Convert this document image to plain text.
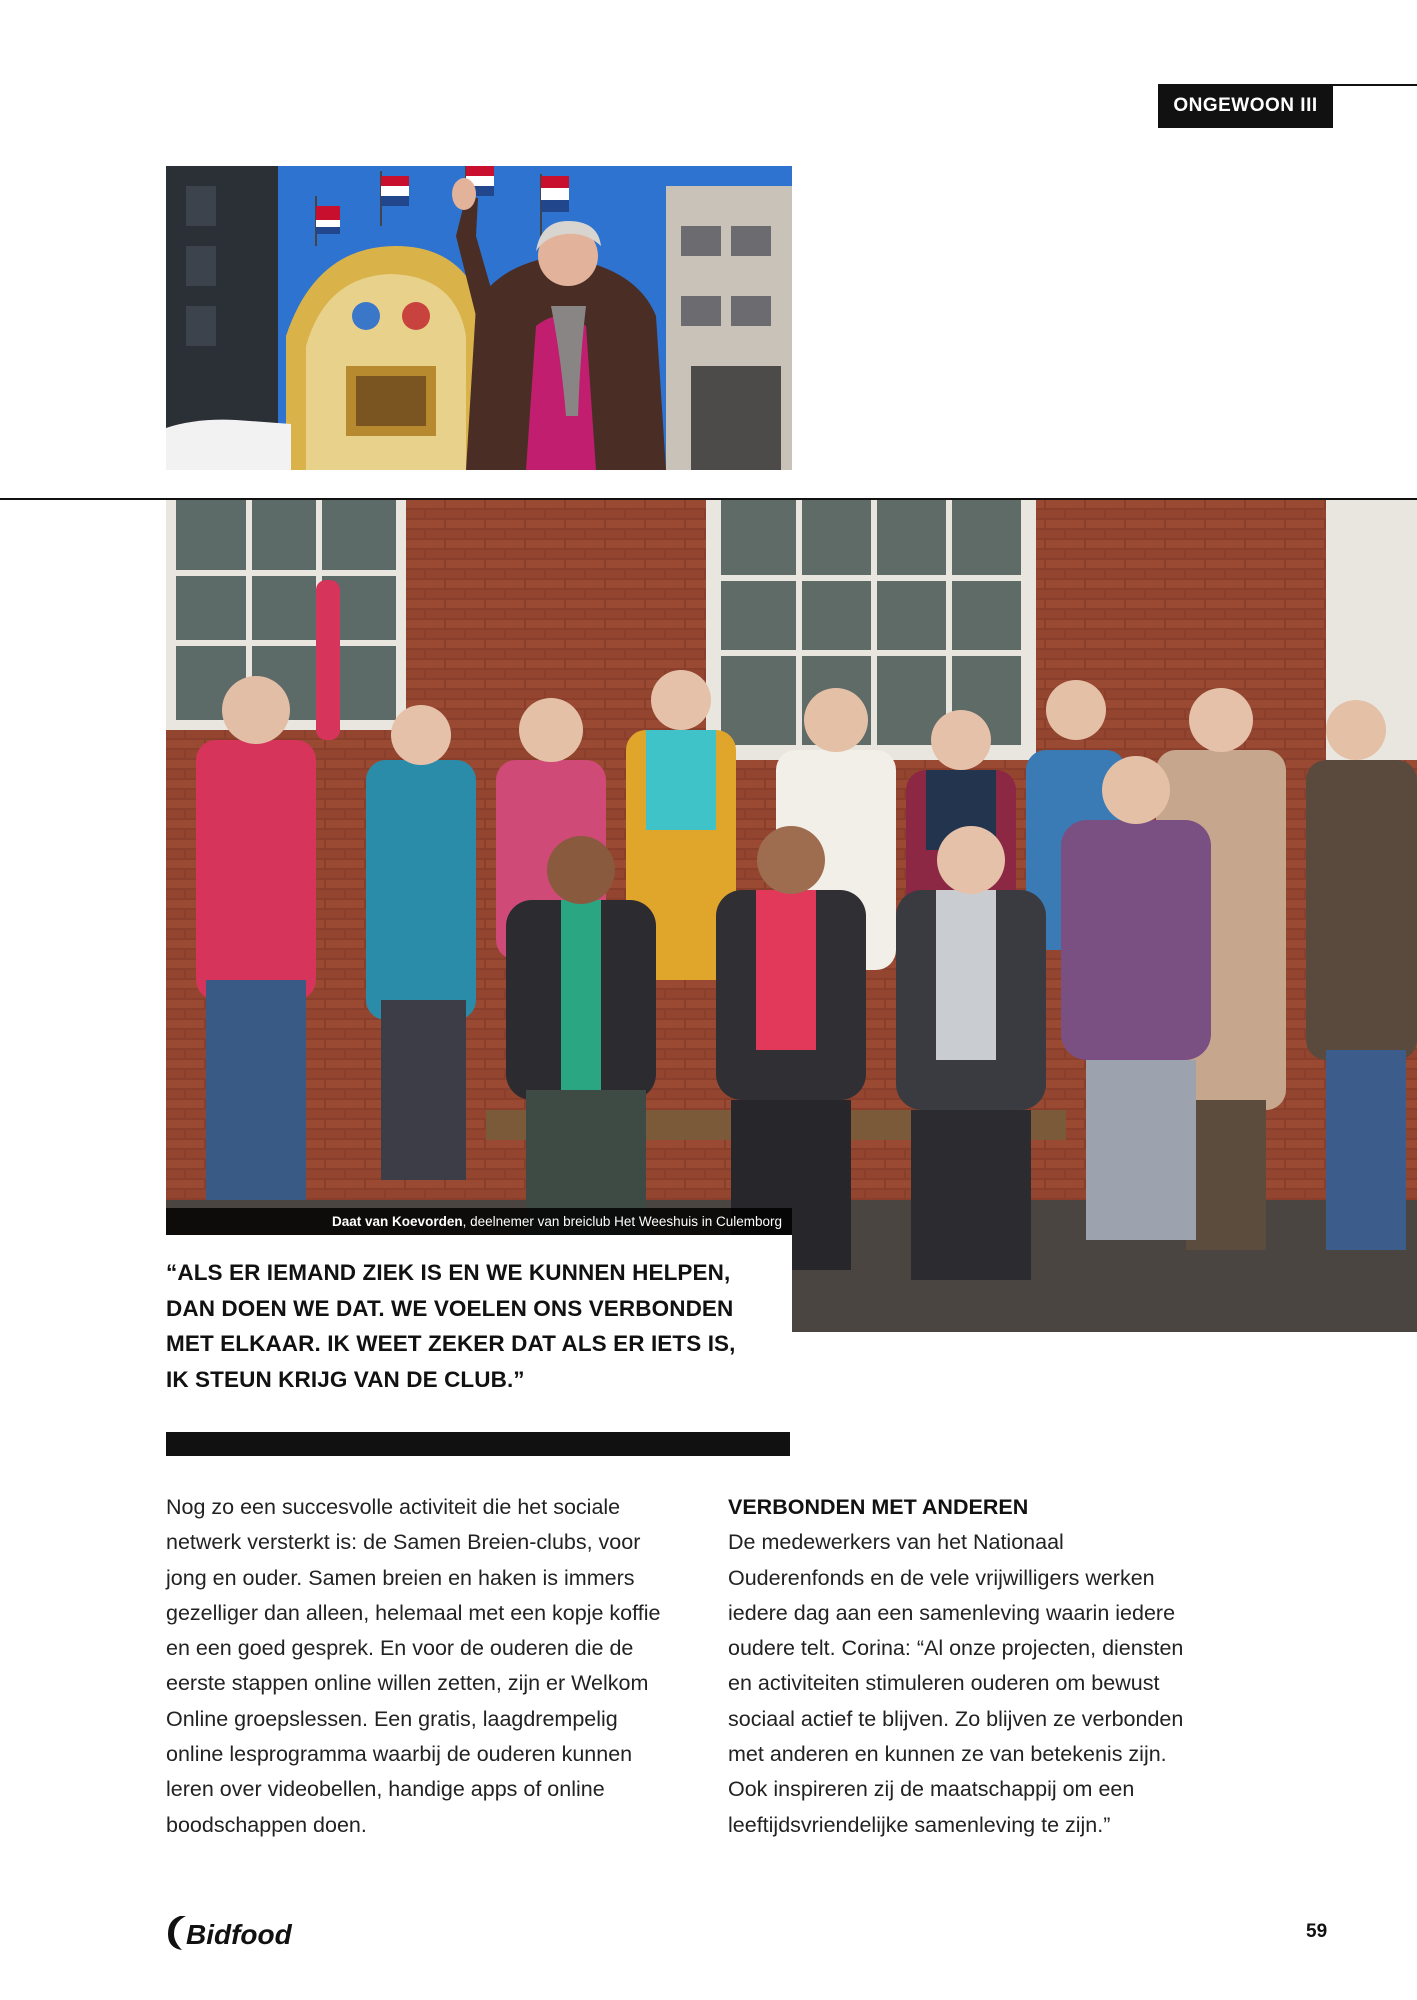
ONGEWOON III
Daat van Koevorden , deelnemer van breiclub Het Weeshuis in Culemborg
“ALS ER IEMAND ZIEK IS EN WE KUNNEN HELPEN,
DAN DOEN WE DAT. WE VOELEN ONS VERBONDEN
MET ELKAAR. IK WEET ZEKER DAT ALS ER IETS IS,
IK STEUN KRIJG VAN DE CLUB.”

Nog zo een succesvolle activiteit die het sociale

netwerk versterkt is: de Samen Breien-clubs, voor

jong en ouder. Samen breien en haken is immers

gezelliger dan alleen, helemaal met een kopje koffie

en een goed gesprek. En voor de ouderen die de

eerste stappen online willen zetten, zijn er Welkom

Online groepslessen. Een gratis, laagdrempelig

online lesprogramma waarbij de ouderen kunnen

leren over videobellen, handige apps of online

boodschappen doen.

VERBONDEN MET ANDEREN

De medewerkers van het Nationaal

Ouderenfonds en de vele vrijwilligers werken

iedere dag aan een samenleving waarin iedere

oudere telt. Corina: “Al onze projecten, diensten

en activiteiten stimuleren ouderen om bewust

sociaal actief te blijven. Zo blijven ze verbonden

met anderen en kunnen ze van betekenis zijn.

Ook inspireren zij de maatschappij om een

leeftijdsvriendelijke samenleving te zijn.”

Bidfood	59
